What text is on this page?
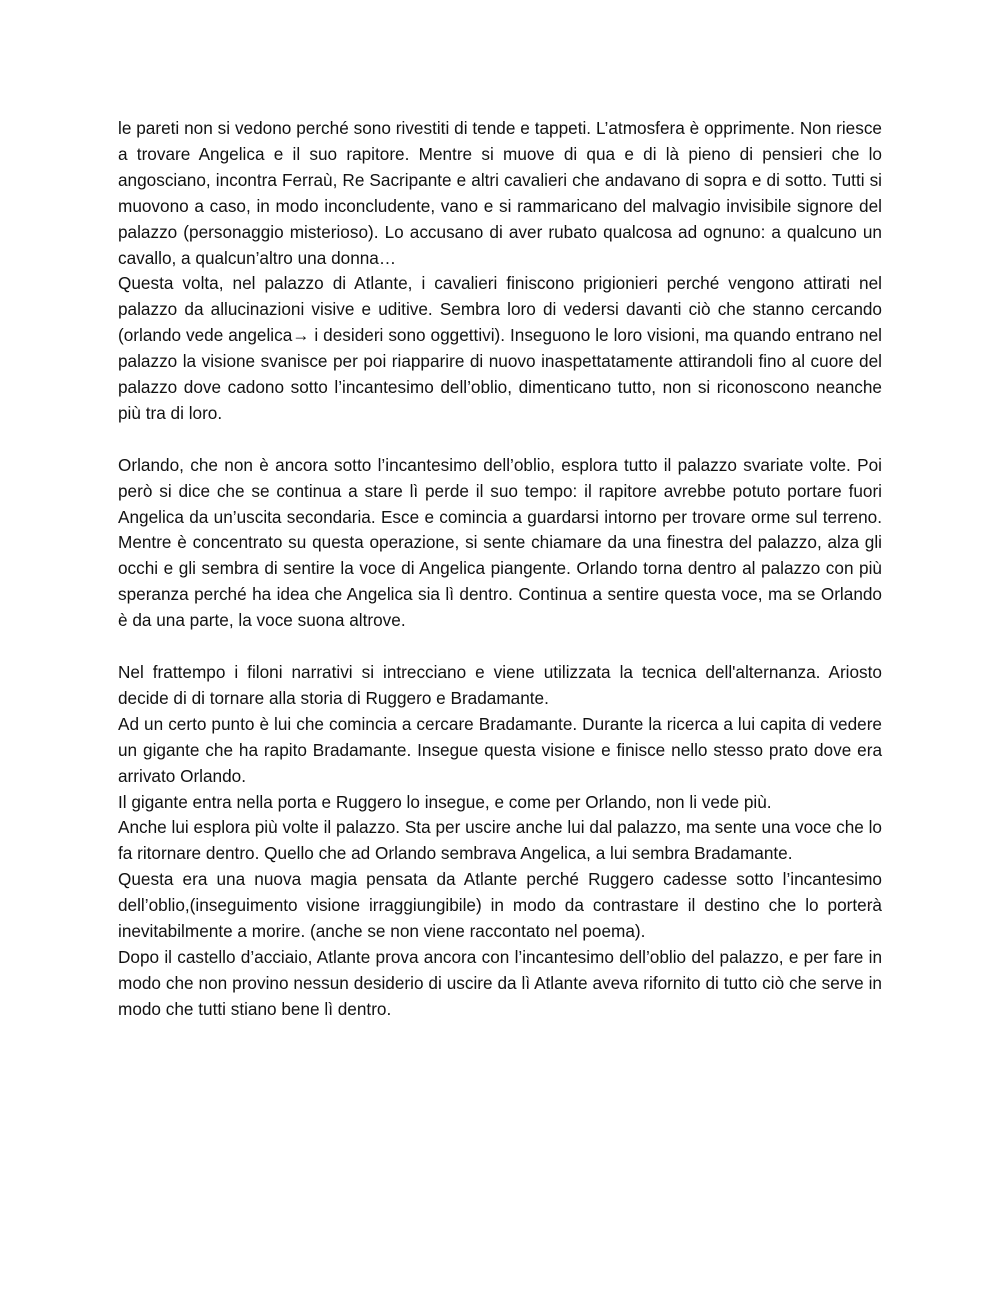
le pareti non si vedono perché sono rivestiti di tende e tappeti. L’atmosfera è opprimente. Non riesce a trovare Angelica e il suo rapitore. Mentre si muove di qua e di là pieno di pensieri che lo angosciano, incontra Ferraù, Re Sacripante e altri cavalieri che andavano di sopra e di sotto. Tutti si muovono a caso, in modo inconcludente, vano e si rammaricano del malvagio invisibile signore del palazzo (personaggio misterioso). Lo accusano di aver rubato qualcosa ad ognuno: a qualcuno un cavallo, a qualcun’altro una donna…

Questa volta, nel palazzo di Atlante, i cavalieri finiscono prigionieri perché vengono attirati nel palazzo da allucinazioni visive e uditive. Sembra loro di vedersi davanti ciò che stanno cercando (orlando vede angelica→ i desideri sono oggettivi). Inseguono le loro visioni, ma quando entrano nel palazzo la visione svanisce per poi riapparire di nuovo inaspettatamente attirandoli fino al cuore del palazzo dove cadono sotto l’incantesimo dell’oblio, dimenticano tutto, non si riconoscono neanche più tra di loro.

Orlando, che non è ancora sotto l’incantesimo dell’oblio, esplora tutto il palazzo svariate volte. Poi però si dice che se continua a stare lì perde il suo tempo: il rapitore avrebbe potuto portare fuori Angelica da un’uscita secondaria. Esce e comincia a guardarsi intorno per trovare orme sul terreno. Mentre è concentrato su questa operazione, si sente chiamare da una finestra del palazzo, alza gli occhi e gli sembra di sentire la voce di Angelica piangente. Orlando torna dentro al palazzo con più speranza perché ha idea che Angelica sia lì dentro. Continua a sentire questa voce, ma se Orlando è da una parte, la voce suona altrove.

Nel frattempo i filoni narrativi si intrecciano e viene utilizzata la tecnica dell'alternanza. Ariosto decide di di tornare alla storia di Ruggero e Bradamante.

Ad un certo punto è lui che comincia a cercare Bradamante. Durante la ricerca a lui capita di vedere un gigante che ha rapito Bradamante. Insegue questa visione e finisce nello stesso prato dove era arrivato Orlando.

Il gigante entra nella porta e Ruggero lo insegue, e come per Orlando, non li vede più.

Anche lui esplora più volte il palazzo. Sta per uscire anche lui dal palazzo, ma sente una voce che lo fa ritornare dentro. Quello che ad Orlando sembrava Angelica, a lui sembra Bradamante.

Questa era una nuova magia pensata da Atlante perché Ruggero cadesse sotto l’incantesimo dell’oblio,(inseguimento visione irraggiungibile) in modo da contrastare il destino che lo porterà inevitabilmente a morire. (anche se non viene raccontato nel poema).

Dopo il castello d’acciaio, Atlante prova ancora con l’incantesimo dell’oblio del palazzo, e per fare in modo che non provino nessun desiderio di uscire da lì Atlante aveva rifornito di tutto ciò che serve in modo che tutti stiano bene lì dentro.
